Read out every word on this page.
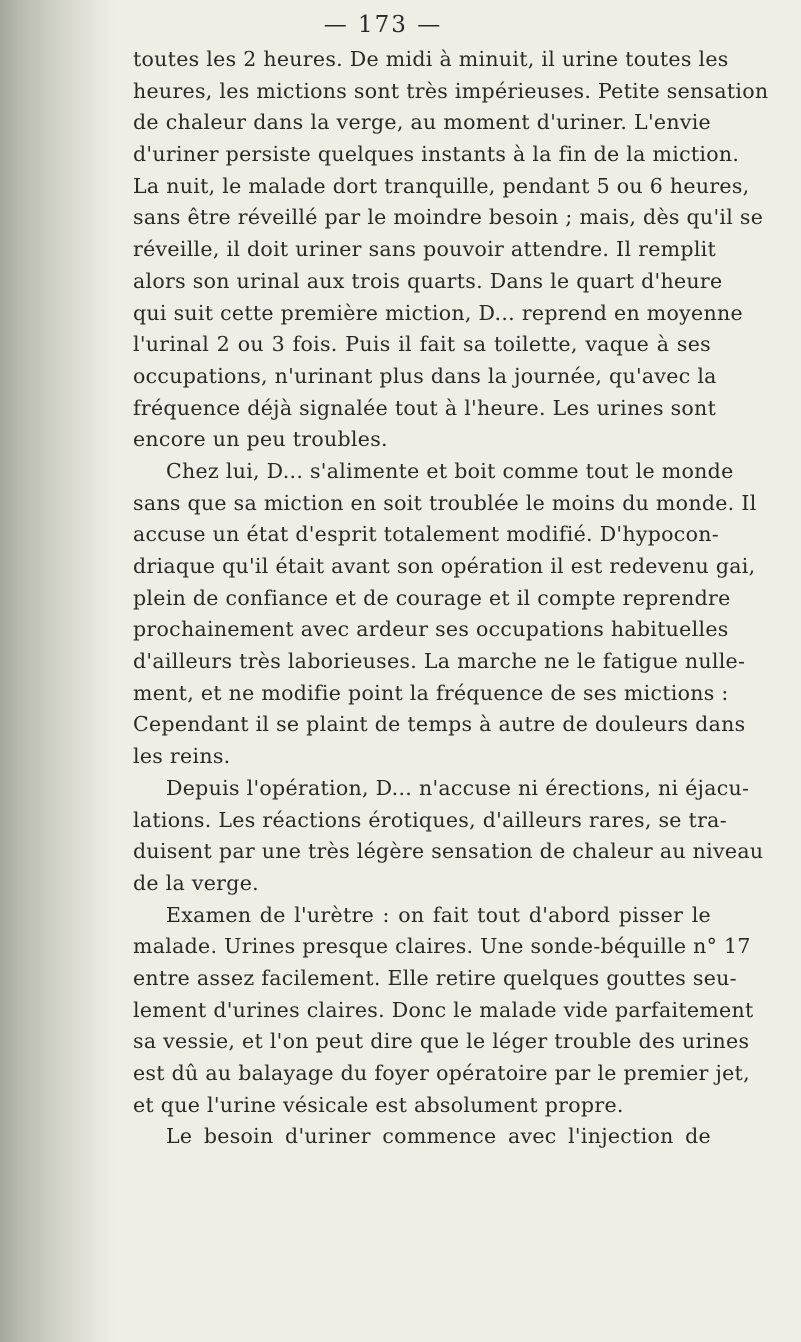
— 173 —
toutes les 2 heures. De midi à minuit, il urine toutes les
heures, les mictions sont très impérieuses. Petite sensation
de chaleur dans la verge, au moment d'uriner. L'envie
d'uriner persiste quelques instants à la fin de la miction.
La nuit, le malade dort tranquille, pendant 5 ou 6 heures,
sans être réveillé par le moindre besoin ; mais, dès qu'il se
réveille, il doit uriner sans pouvoir attendre. Il remplit
alors son urinal aux trois quarts. Dans le quart d'heure
qui suit cette première miction, D... reprend en moyenne
l'urinal 2 ou 3 fois. Puis il fait sa toilette, vaque à ses
occupations, n'urinant plus dans la journée, qu'avec la
fréquence déjà signalée tout à l'heure. Les urines sont
encore un peu troubles.
Chez lui, D... s'alimente et boit comme tout le monde
sans que sa miction en soit troublée le moins du monde. Il
accuse un état d'esprit totalement modifié. D'hypocon-
driaque qu'il était avant son opération il est redevenu gai,
plein de confiance et de courage et il compte reprendre
prochainement avec ardeur ses occupations habituelles
d'ailleurs très laborieuses. La marche ne le fatigue nulle-
ment, et ne modifie point la fréquence de ses mictions :
Cependant il se plaint de temps à autre de douleurs dans
les reins.
Depuis l'opération, D... n'accuse ni érections, ni éjacu-
lations. Les réactions érotiques, d'ailleurs rares, se tra-
duisent par une très légère sensation de chaleur au niveau
de la verge.
Examen de l'urètre : on fait tout d'abord pisser le
malade. Urines presque claires. Une sonde-béquille n° 17
entre assez facilement. Elle retire quelques gouttes seu-
lement d'urines claires. Donc le malade vide parfaitement
sa vessie, et l'on peut dire que le léger trouble des urines
est dû au balayage du foyer opératoire par le premier jet,
et que l'urine vésicale est absolument propre.
Le besoin d'uriner commence avec l'injection de
